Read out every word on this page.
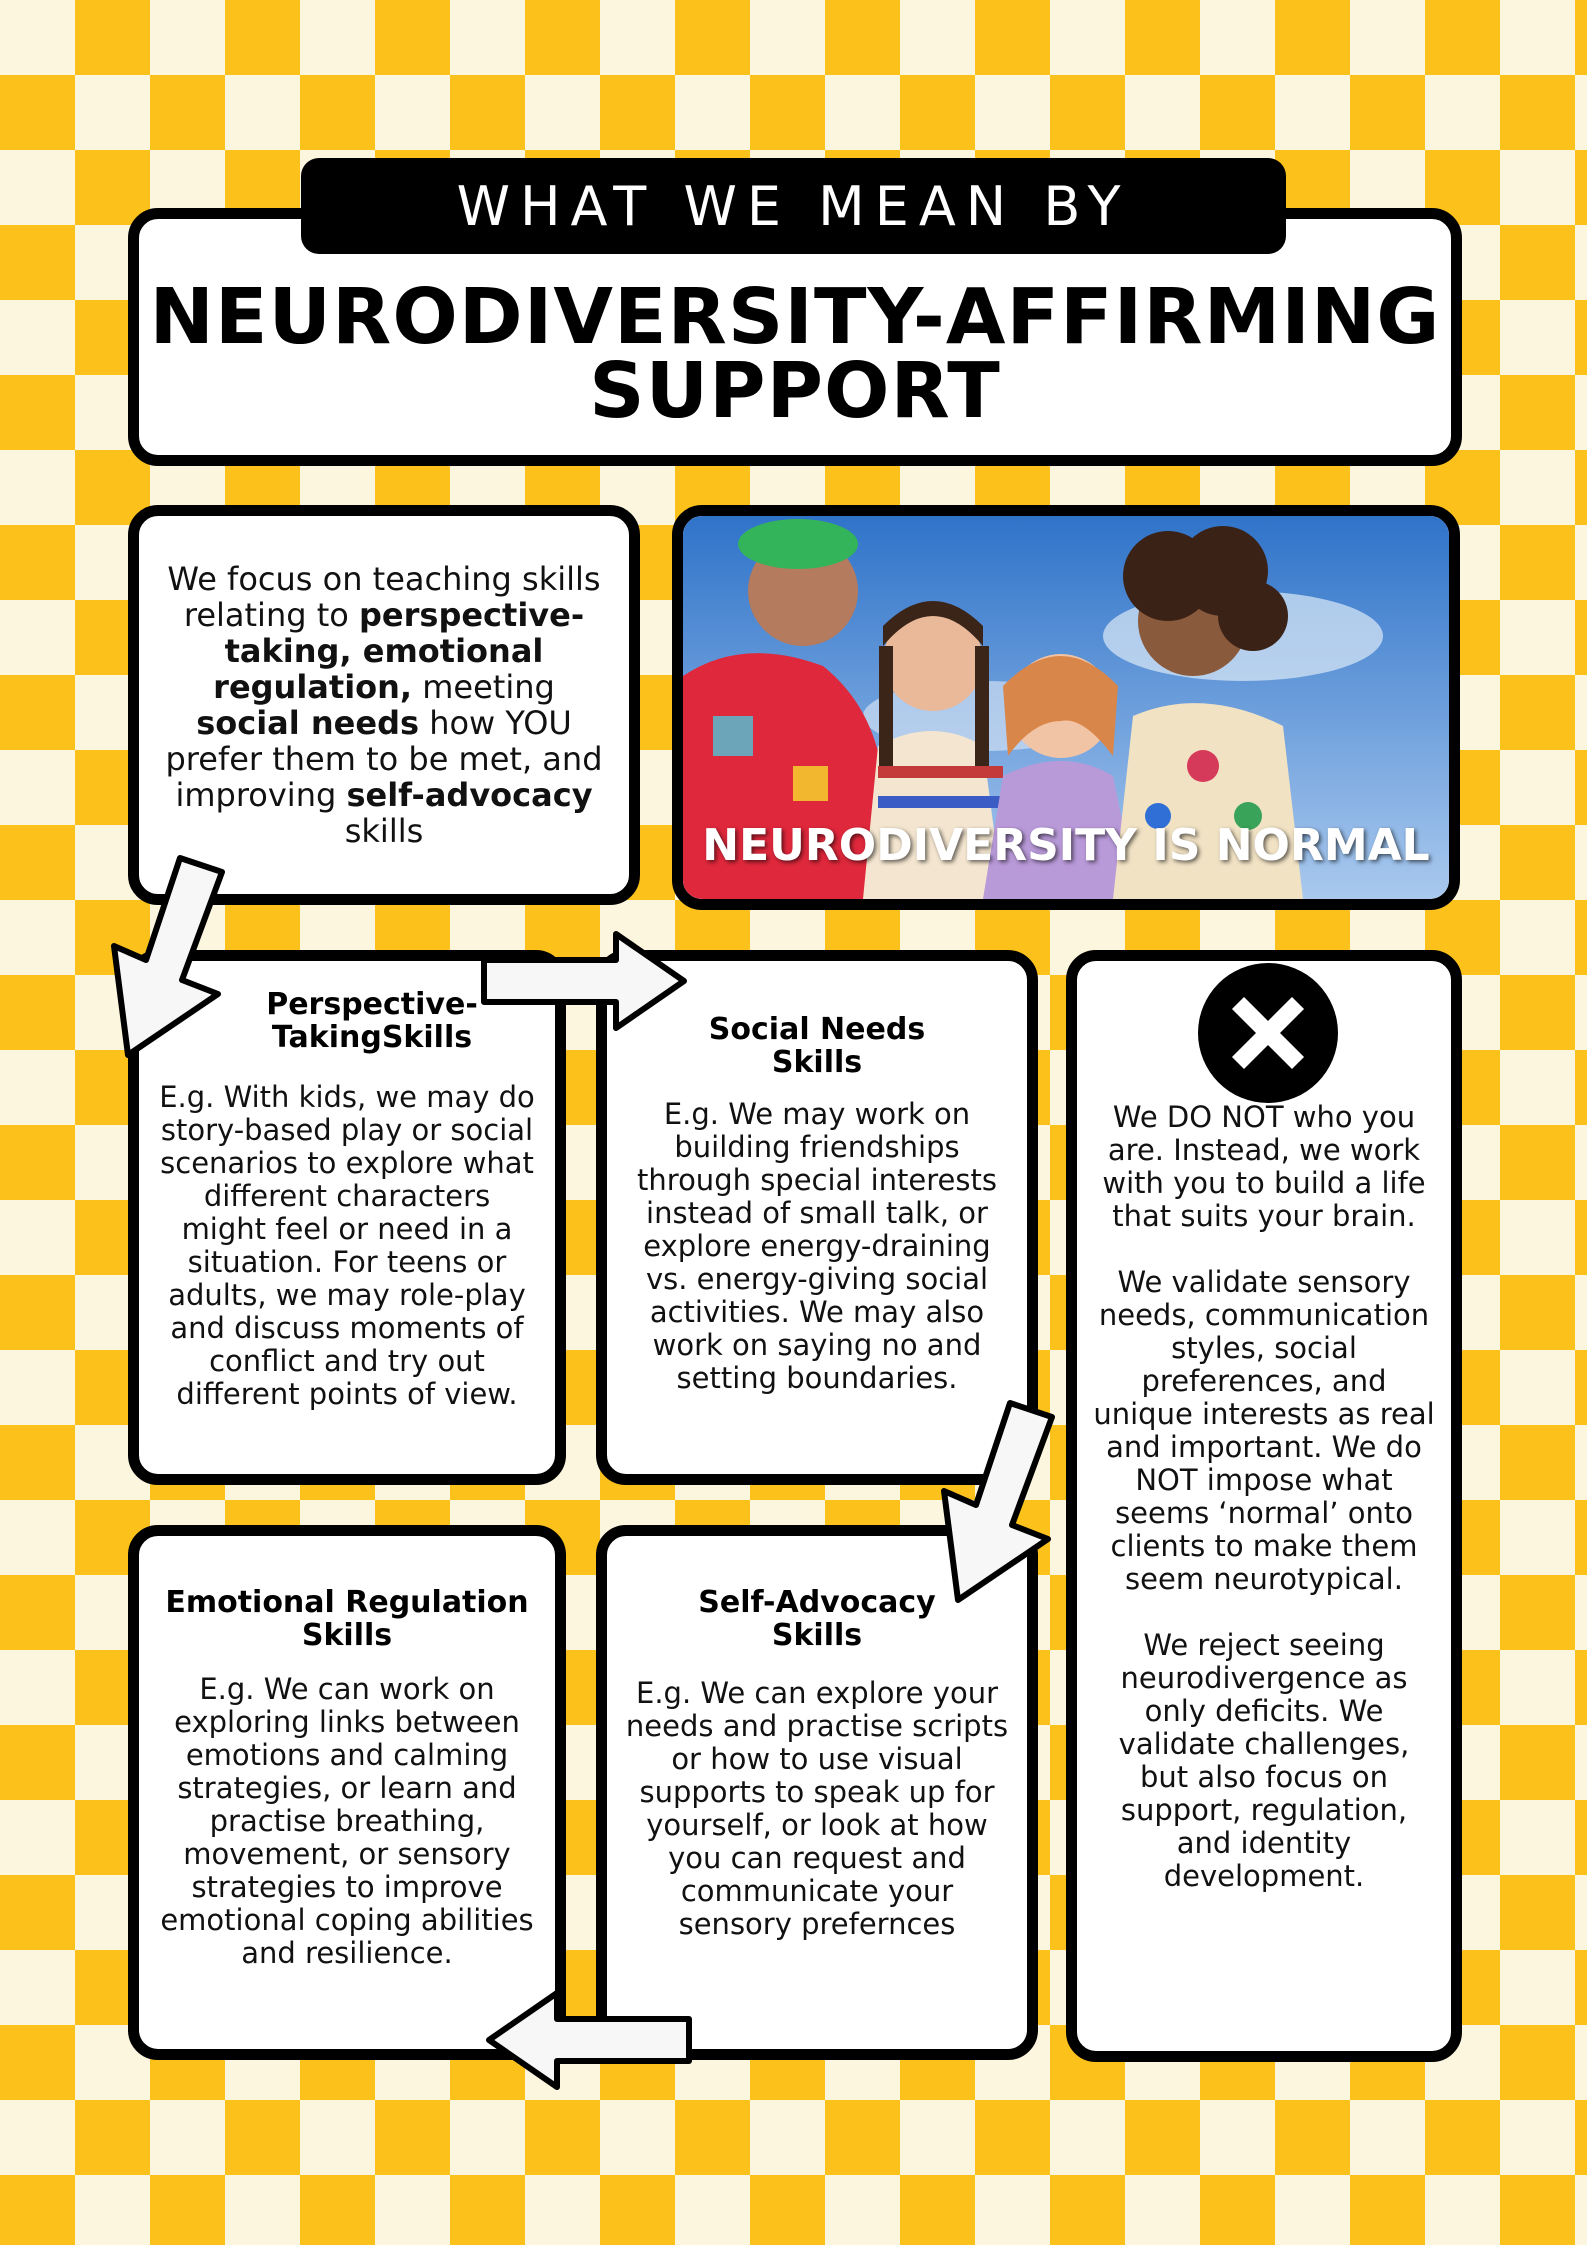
WHAT WE MEAN BY
NEURODIVERSITY-AFFIRMING
SUPPORT

We focus on teaching skills relating to perspective-taking, emotional regulation, meeting social needs how YOU prefer them to be met, and improving self-advocacy skills	NEURODIVERSITY IS NORMAL
Perspective-TakingSkills
E.g. With kids, we may do story-based play or social scenarios to explore what different characters might feel or need in a situation. For teens or adults, we may role-play and discuss moments of conflict and try out different points of view.
Social Needs Skills
E.g. We may work on building friendships through special interests instead of small talk, or explore energy-draining vs. energy-giving social activities. We may also work on saying no and setting boundaries.
Emotional Regulation Skills
E.g. We can work on exploring links between emotions and calming strategies, or learn and practise breathing, movement, or sensory strategies to improve emotional coping abilities and resilience.
Self-Advocacy Skills
E.g. We can explore your needs and practise scripts or how to use visual supports to speak up for yourself, or look at how you can request and communicate your sensory prefernces

We DO NOT who you are. Instead, we work with you to build a life that suits your brain.

We validate sensory needs, communication styles, social preferences, and unique interests as real and important. We do NOT impose what seems ‘normal’ onto clients to make them seem neurotypical.

We reject seeing neurodivergence as only deficits. We validate challenges, but also focus on support, regulation, and identity development.
